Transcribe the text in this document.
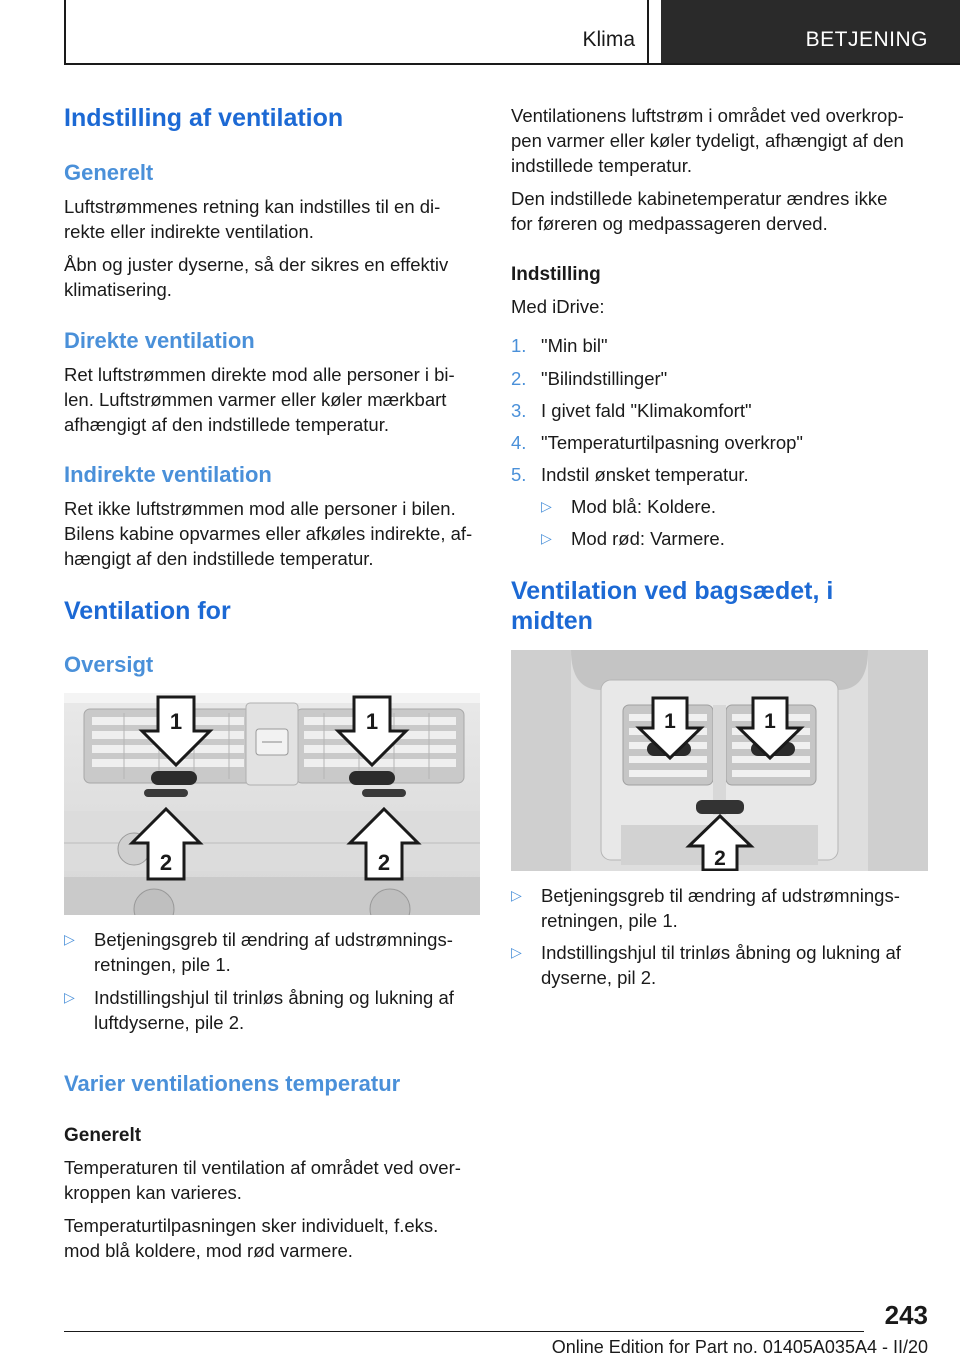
Klima	BETJENING
Indstilling af ventilation
Generelt

Luftstrømmenes retning kan indstilles til en di-
rekte eller indirekte ventilation.

Åbn og juster dyserne, så der sikres en effektiv
klimatisering.

Direkte ventilation

Ret luftstrømmen direkte mod alle personer i bi-
len. Luftstrømmen varmer eller køler mærkbart
afhængigt af den indstillede temperatur.

Indirekte ventilation

Ret ikke luftstrømmen mod alle personer i bilen.
Bilens kabine opvarmes eller afkøles indirekte, af-
hængigt af den indstillede temperatur.

Ventilation for
Oversigt
1	1
2	2
▷ Betjeningsgreb til ændring af udstrømnings-
retningen, pile 1.
▷ Indstillingshjul til trinløs åbning og lukning af
luftdyserne, pile 2.
Varier ventilationens temperatur
Generelt

Temperaturen til ventilation af området ved over-
kroppen kan varieres.

Temperaturtilpasningen sker individuelt, f.eks.
mod blå koldere, mod rød varmere.

Ventilationens luftstrøm i området ved overkrop-
pen varmer eller køler tydeligt, afhængigt af den
indstillede temperatur.

Den indstillede kabinetemperatur ændres ikke
for føreren og medpassageren derved.

Indstilling

Med iDrive:

1. "Min bil"
2. "Bilindstillinger"
3. I givet fald "Klimakomfort"
4. "Temperaturtilpasning overkrop"
5. Indstil ønsket temperatur.
▷ Mod blå: Koldere.
▷ Mod rød: Varmere.
Ventilation ved bagsædet, i
midten
1	1
2
▷ Betjeningsgreb til ændring af udstrømnings-
retningen, pile 1.
▷ Indstillingshjul til trinløs åbning og lukning af
dyserne, pil 2.
243
Online Edition for Part no. 01405A035A4 - II/20
